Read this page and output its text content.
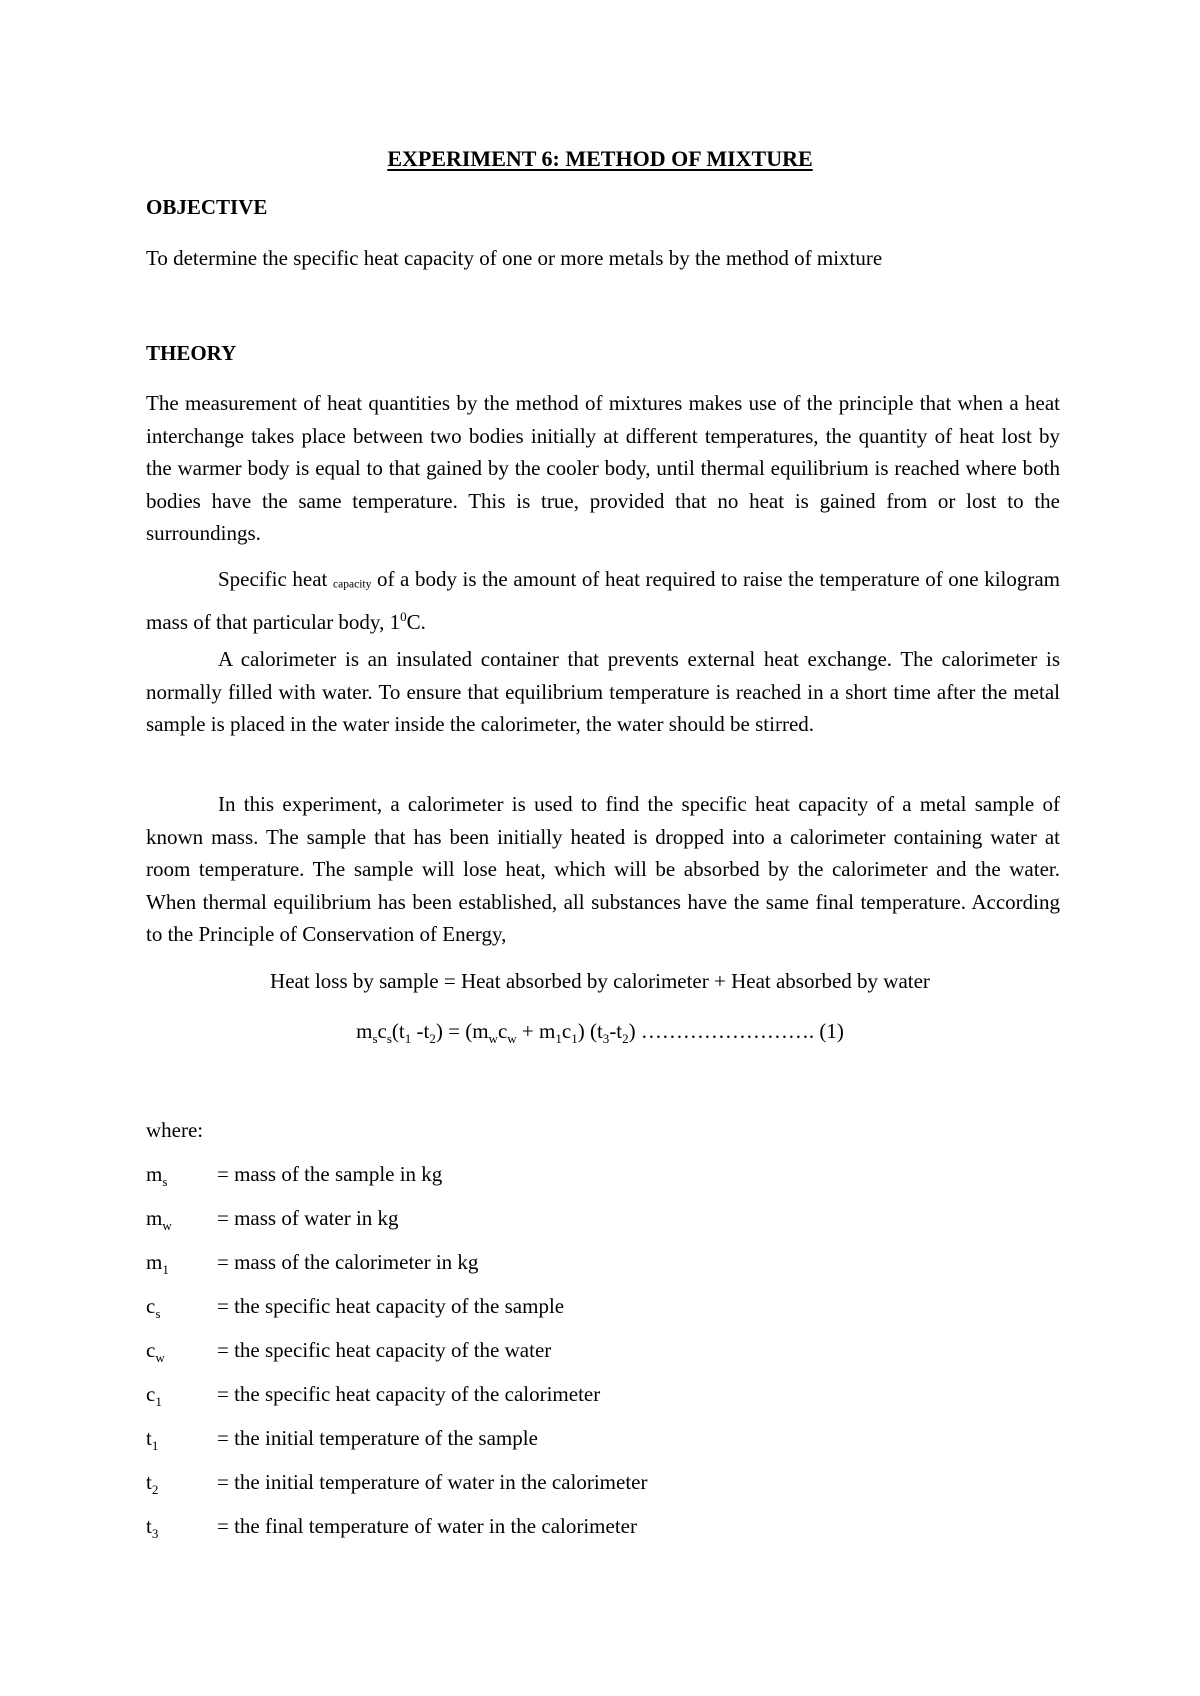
EXPERIMENT 6: METHOD OF MIXTURE
OBJECTIVE
To determine the specific heat capacity of one or more metals by the method of mixture
THEORY
The measurement of heat quantities by the method of mixtures makes use of the principle that when a heat interchange takes place between two bodies initially at different temperatures, the quantity of heat lost by the warmer body is equal to that gained by the cooler body, until thermal equilibrium is reached where both bodies have the same temperature. This is true, provided that no heat is gained from or lost to the surroundings.
Specific heat capacity of a body is the amount of heat required to raise the temperature of one kilogram mass of that particular body, $1^0C$.
A calorimeter is an insulated container that prevents external heat exchange. The calorimeter is normally filled with water. To ensure that equilibrium temperature is reached in a short time after the metal sample is placed in the water inside the calorimeter, the water should be stirred.
In this experiment, a calorimeter is used to find the specific heat capacity of a metal sample of known mass. The sample that has been initially heated is dropped into a calorimeter containing water at room temperature. The sample will lose heat, which will be absorbed by the calorimeter and the water. When thermal equilibrium has been established, all substances have the same final temperature. According to the Principle of Conservation of Energy,
Heat loss by sample = Heat absorbed by calorimeter + Heat absorbed by water
$m_sc_s(t_1$ $-t_2) = (m_wc_w + m_1c_1)$ $(t_3-t_2)$ ……………………. (1)
where:
$m_s$ = mass of the sample in kg
$m_w$ = mass of water in kg
$m_1$ = mass of the calorimeter in kg
$c_s$	= the specific heat capacity of the sample
$c_w$ = the specific heat capacity of the water
$c_1$	= the specific heat capacity of the calorimeter
$t_1$	= the initial temperature of the sample
$t_2$	= the initial temperature of water in the calorimeter
$t_3$	= the final temperature of water in the calorimeter
